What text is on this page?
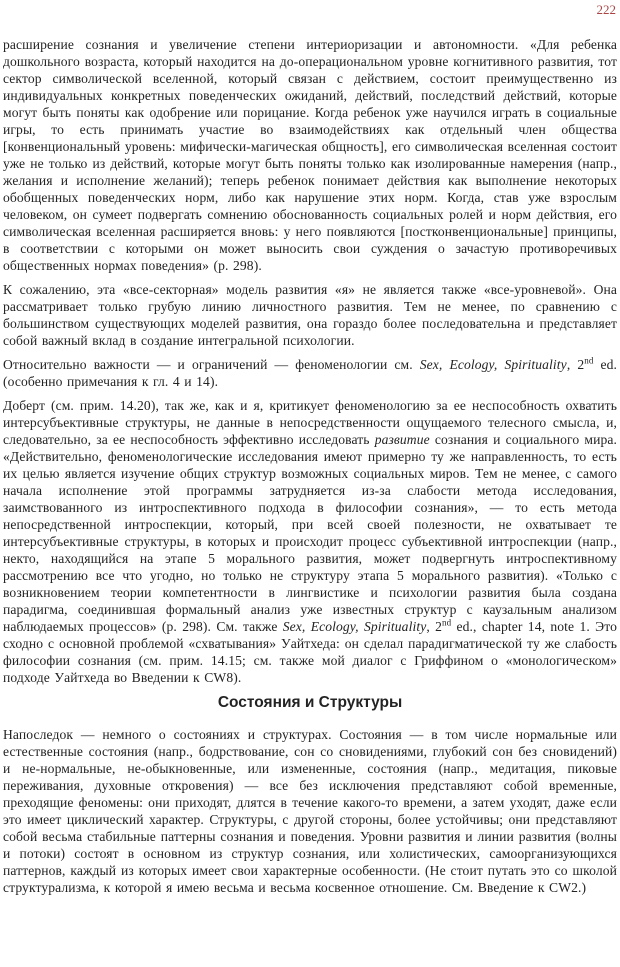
222

расширение сознания и увеличение степени интериоризации и автономности. «Для ребенка дошкольного возраста, который находится на до-операциональном уровне когнитивного развития, тот сектор символической вселенной, который связан с действием, состоит преимущественно из индивидуальных конкретных поведенческих ожиданий, действий, последствий действий, которые могут быть поняты как одобрение или порицание. Когда ребенок уже научился играть в социальные игры, то есть принимать участие во взаимодействиях как отдельный член общества [конвенциональный уровень: мифически-магическая общность], его символическая вселенная состоит уже не только из действий, которые могут быть поняты только как изолированные намерения (напр., желания и исполнение желаний); теперь ребенок понимает действия как выполнение некоторых обобщенных поведенческих норм, либо как нарушение этих норм. Когда, став уже взрослым человеком, он сумеет подвергать сомнению обоснованность социальных ролей и норм действия, его символическая вселенная расширяется вновь: у него появляются [постконвенциональные] принципы, в соответствии с которыми он может выносить свои суждения о зачастую противоречивых общественных нормах поведения» (p. 298).

К сожалению, эта «все-секторная» модель развития «я» не является также «все-уровневой». Она рассматривает только грубую линию личностного развития. Тем не менее, по сравнению с большинством существующих моделей развития, она гораздо более последовательна и представляет собой важный вклад в создание интегральной психологии.

Относительно важности — и ограничений — феноменологии см. Sex, Ecology, Spirituality, 2nd ed. (особенно примечания к гл. 4 и 14).

Доберт (см. прим. 14.20), так же, как и я, критикует феноменологию за ее неспособность охватить интерсубъективные структуры, не данные в непосредственности ощущаемого телесного смысла, и, следовательно, за ее неспособность эффективно исследовать развитие сознания и социального мира. «Действительно, феноменологические исследования имеют примерно ту же направленность, то есть их целью является изучение общих структур возможных социальных миров. Тем не менее, с самого начала исполнение этой программы затрудняется из-за слабости метода исследования, заимствованного из интроспективного подхода в философии сознания», — то есть метода непосредственной интроспекции, который, при всей своей полезности, не охватывает те интерсубъективные структуры, в которых и происходит процесс субъективной интроспекции (напр., некто, находящийся на этапе 5 морального развития, может подвергнуть интроспективному рассмотрению все что угодно, но только не структуру этапа 5 морального развития). «Только с возникновением теории компетентности в лингвистике и психологии развития была создана парадигма, соединившая формальный анализ уже известных структур с каузальным анализом наблюдаемых процессов» (p. 298). См. также Sex, Ecology, Spirituality, 2nd ed., chapter 14, note 1. Это сходно с основной проблемой «схватывания» Уайтхеда: он сделал парадигматической ту же слабость философии сознания (см. прим. 14.15; см. также мой диалог с Гриффином о «монологическом» подходе Уайтхеда во Введении к CW8).

Состояния и Структуры

Напоследок — немного о состояниях и структурах. Состояния — в том числе нормальные или естественные состояния (напр., бодрствование, сон со сновидениями, глубокий сон без сновидений) и не-нормальные, не-обыкновенные, или измененные, состояния (напр., медитация, пиковые переживания, духовные откровения) — все без исключения представляют собой временные, преходящие феномены: они приходят, длятся в течение какого-то времени, а затем уходят, даже если это имеет циклический характер. Структуры, с другой стороны, более устойчивы; они представляют собой весьма стабильные паттерны сознания и поведения. Уровни развития и линии развития (волны и потоки) состоят в основном из структур сознания, или холистических, самоорганизующихся паттернов, каждый из которых имеет свои характерные особенности. (Не стоит путать это со школой структурализма, к которой я имею весьма и весьма косвенное отношение. См. Введение к CW2.)
